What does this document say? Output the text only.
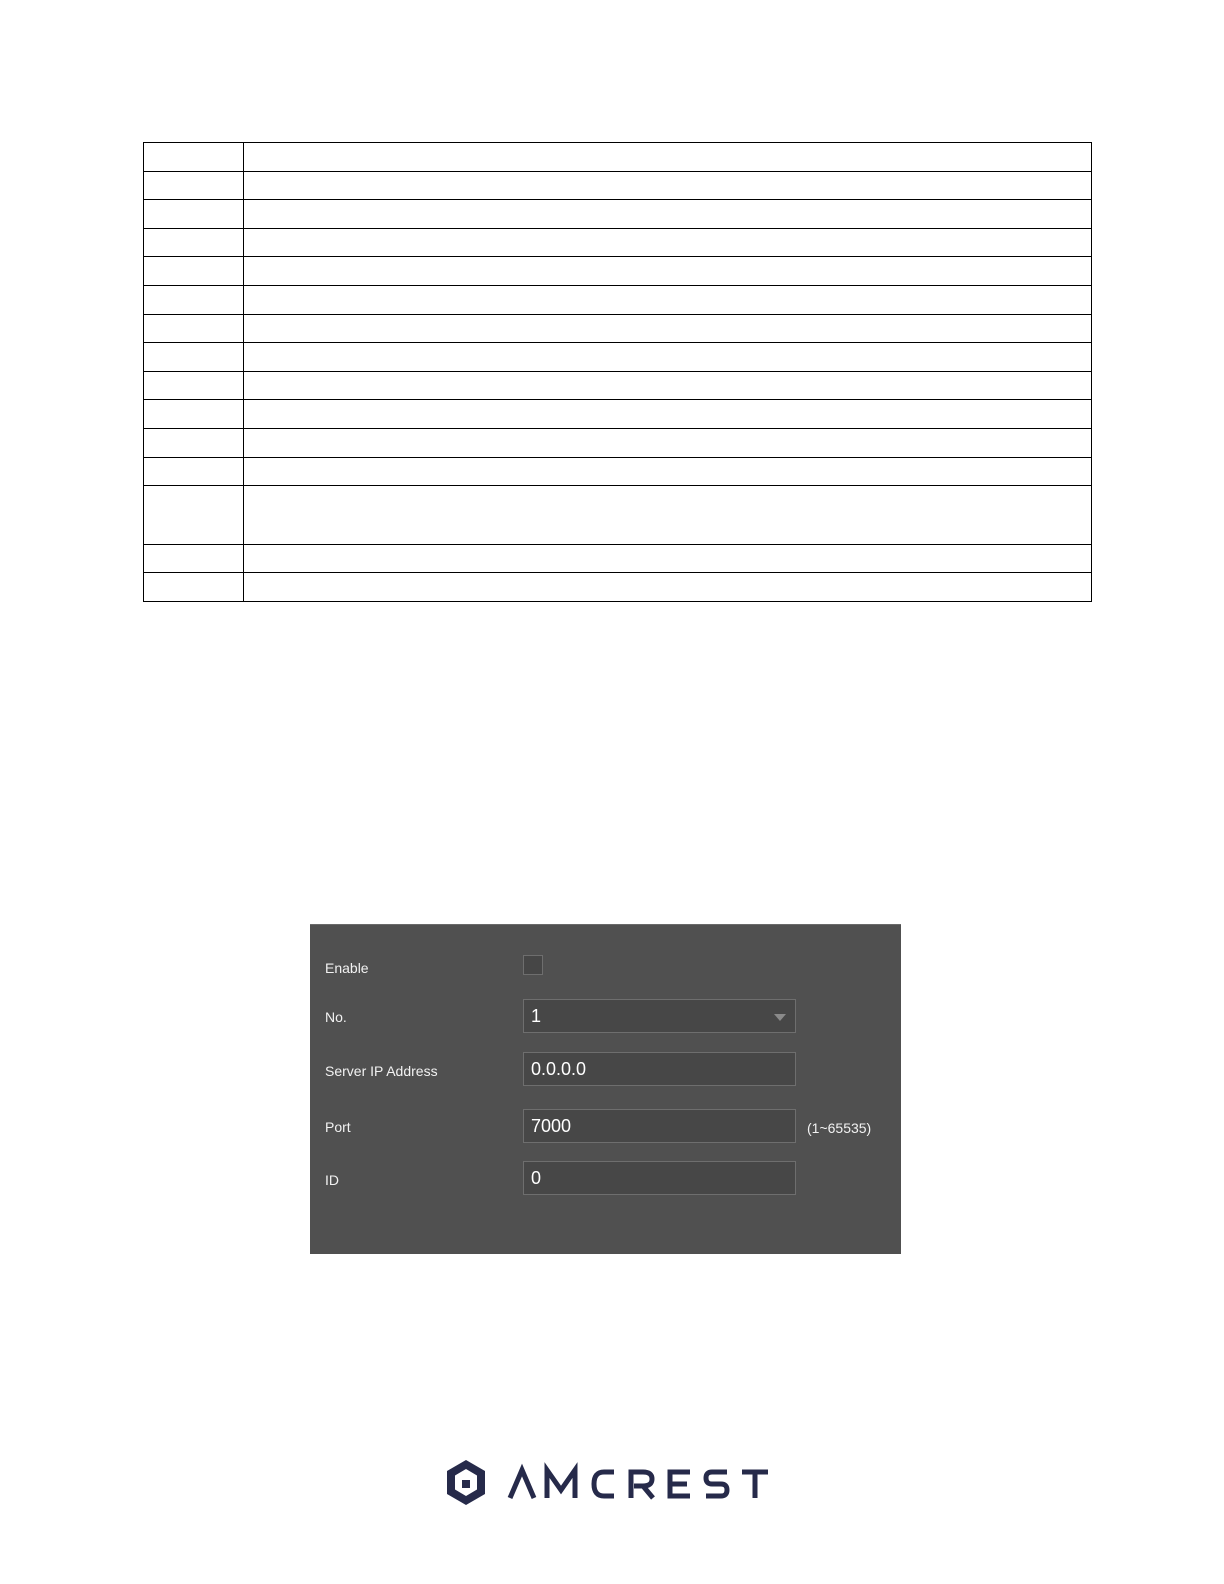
Enable
No.	1
Server IP Address	0.0.0.0
Port	7000	(1~65535)
ID	0
